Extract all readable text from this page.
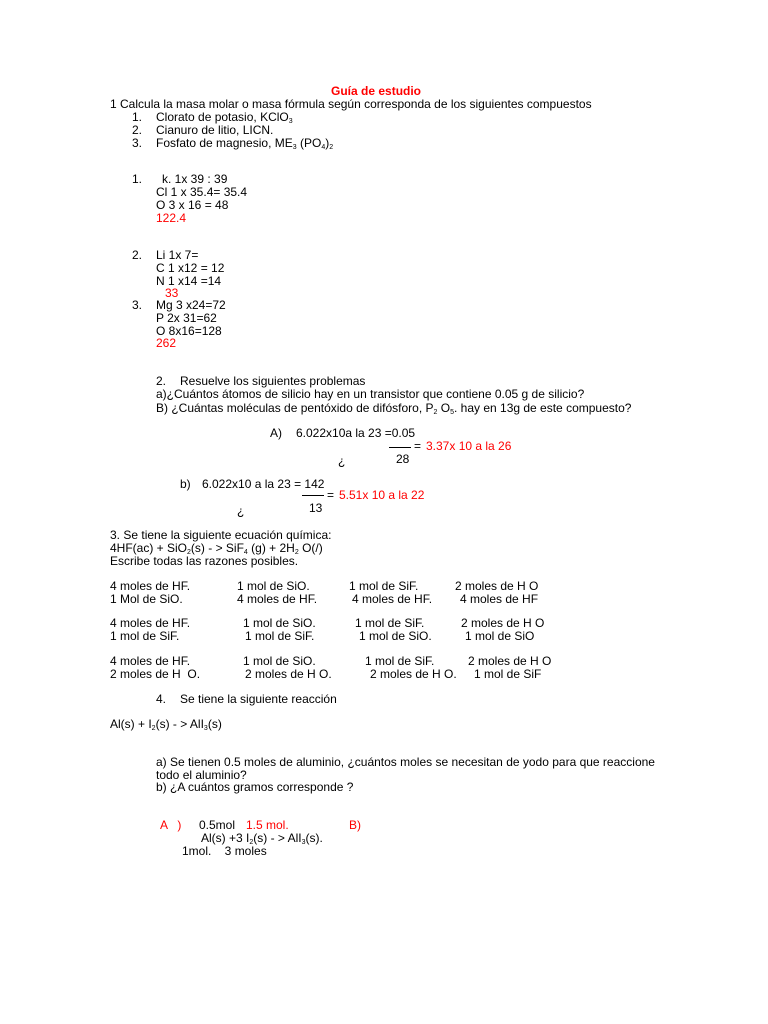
Guía de estudio
1 Calcula la masa molar o masa fórmula según corresponda de los siguientes compuestos
1. Clorato de potasio, KClO3
2. Cianuro de litio, LICN.
3. Fosfato de magnesio, ME3 (PO4)2
1. k. 1x 39 : 39
Cl 1 x 35.4= 35.4
O 3 x 16 = 48
122.4
2. Li 1x 7=
C 1 x12 = 12
N 1 x14 =14
33
3. Mg 3 x24=72
P 2x 31=62
O 8x16=128
262
2. Resuelve los siguientes problemas
a)¿Cuántos átomos de silicio hay en un transistor que contiene 0.05 g de silicio?
B) ¿Cuántas moléculas de pentóxido de difósforo, P2 O5. hay en 13g de este compuesto?
A) 6.022x10a la 23 =0.05
= 3.37x 10 a la 26
¿	28
b) 6.022x10 a la 23 = 142
= 5.51x 10 a la 22
¿	13
3. Se tiene la siguiente ecuación química:
4HF(ac) + SiO2(s) - > SiF4 (g) + 2H2 O(/)
Escribe todas las razones posibles.
4 moles de HF.	1 mol de SiO.	1 mol de SiF.	2 moles de H O
1 Mol de SiO.	4 moles de HF.	4 moles de HF. 4 moles de HF
4 moles de HF.	1 mol de SiO.	1 mol de SiF.	2 moles de H O
1 mol de SiF.	1 mol de SiF.	1 mol de SiO.	1 mol de SiO
4 moles de HF.	1 mol de SiO.	1 mol de SiF.	2 moles de H O
2 moles de H  O.	2 moles de H O.	2 moles de H O. 1 mol de SiF
4. Se tiene la siguiente reacción
Al(s) + I2(s) - > AlI3(s)
a) Se tienen 0.5 moles de aluminio, ¿cuántos moles se necesitan de yodo para que reaccione
todo el aluminio?
b) ¿A cuántos gramos corresponde ?
A   ) 0.5mol 1.5 mol.	B)
Al(s) +3 I2(s) - > AlI3(s).
1mol.    3 moles
